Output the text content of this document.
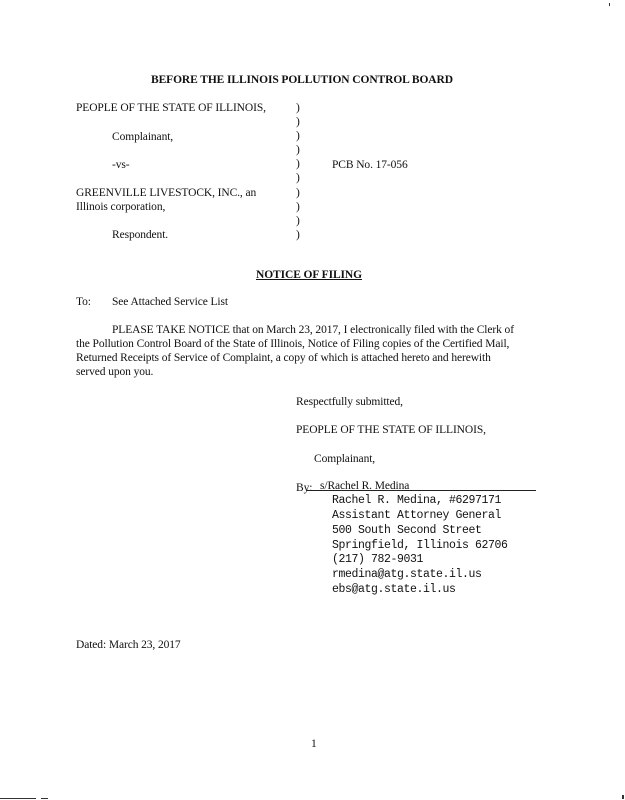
BEFORE THE ILLINOIS POLLUTION CONTROL BOARD
PEOPLE OF THE STATE OF ILLINOIS,
Complainant,
-vs-
GREENVILLE LIVESTOCK, INC., an
Illinois corporation,
Respondent.
)
)
)
)
)
)
)
)
)
)
PCB No. 17-056
NOTICE OF FILING
To: See Attached Service List
PLEASE TAKE NOTICE that on March 23, 2017, I electronically filed with the Clerk of
the Pollution Control Board of the State of Illinois, Notice of Filing copies of the Certified Mail,
Returned Receipts of Service of Complaint, a copy of which is attached hereto and herewith
served upon you.
Respectfully submitted,
PEOPLE OF THE STATE OF ILLINOIS,
Complainant,
By: s/Rachel R. Medina
Rachel R. Medina, #6297171
Assistant Attorney General
500 South Second Street
Springfield, Illinois 62706
(217) 782-9031
rmedina@atg.state.il.us
ebs@atg.state.il.us
Dated: March 23, 2017
1
